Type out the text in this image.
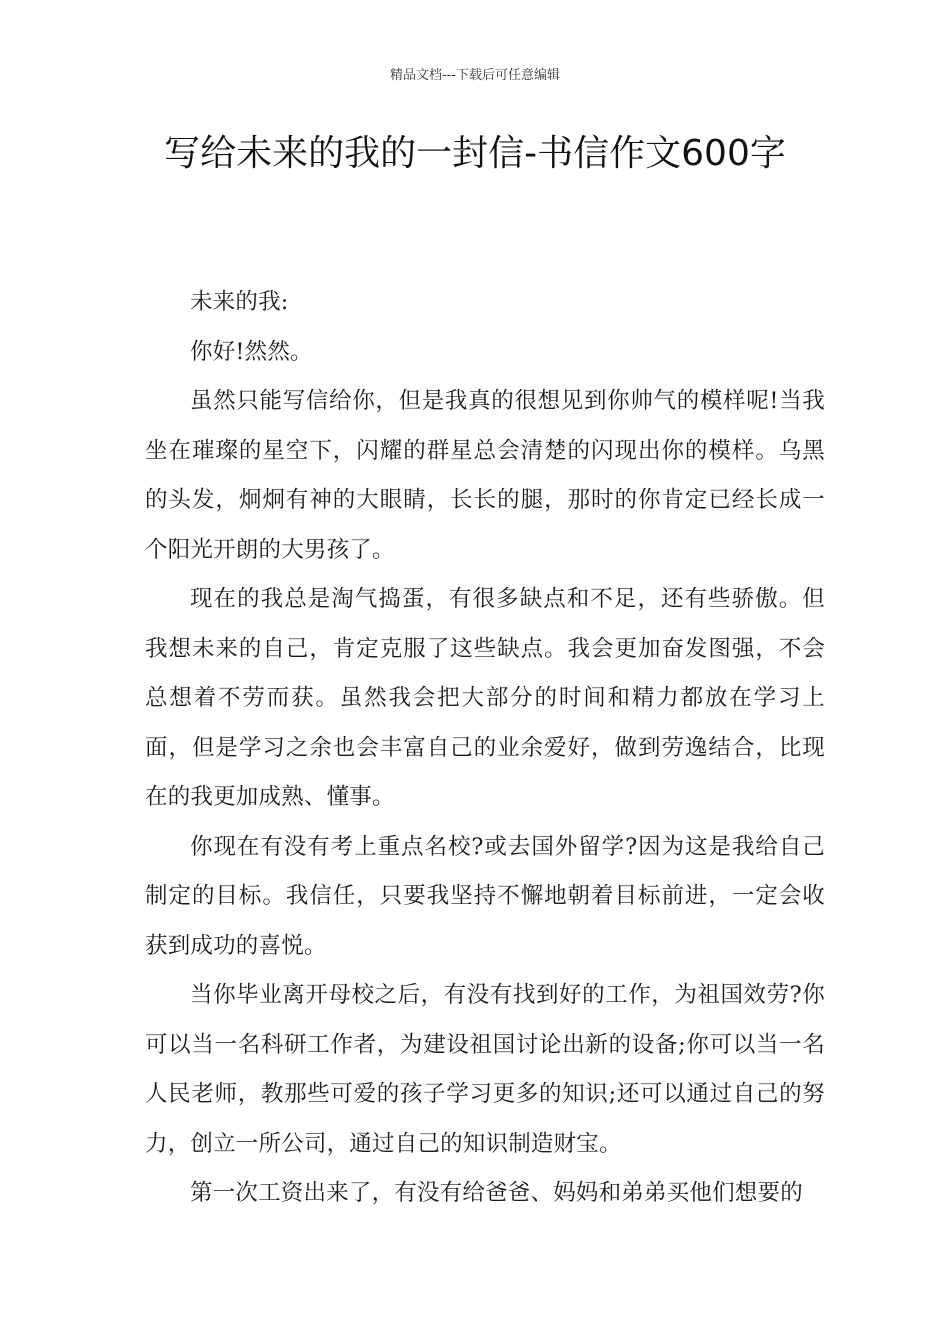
精品文档---下载后可任意编辑
写给未来的我的一封信-书信作文600字

未来的我:

你好!然然。

虽然只能写信给你，但是我真的很想见到你帅气的模样呢!当我坐在璀璨的星空下，闪耀的群星总会清楚的闪现出你的模样。乌黑的头发，炯炯有神的大眼睛，长长的腿，那时的你肯定已经长成一个阳光开朗的大男孩了。

现在的我总是淘气捣蛋，有很多缺点和不足，还有些骄傲。但我想未来的自己，肯定克服了这些缺点。我会更加奋发图强，不会总想着不劳而获。虽然我会把大部分的时间和精力都放在学习上面，但是学习之余也会丰富自己的业余爱好，做到劳逸结合，比现在的我更加成熟、懂事。

你现在有没有考上重点名校?或去国外留学?因为这是我给自己制定的目标。我信任，只要我坚持不懈地朝着目标前进，一定会收获到成功的喜悦。

当你毕业离开母校之后，有没有找到好的工作，为祖国效劳?你可以当一名科研工作者，为建设祖国讨论出新的设备;你可以当一名人民老师，教那些可爱的孩子学习更多的知识;还可以通过自己的努力，创立一所公司，通过自己的知识制造财宝。

第一次工资出来了，有没有给爸爸、妈妈和弟弟买他们想要的
